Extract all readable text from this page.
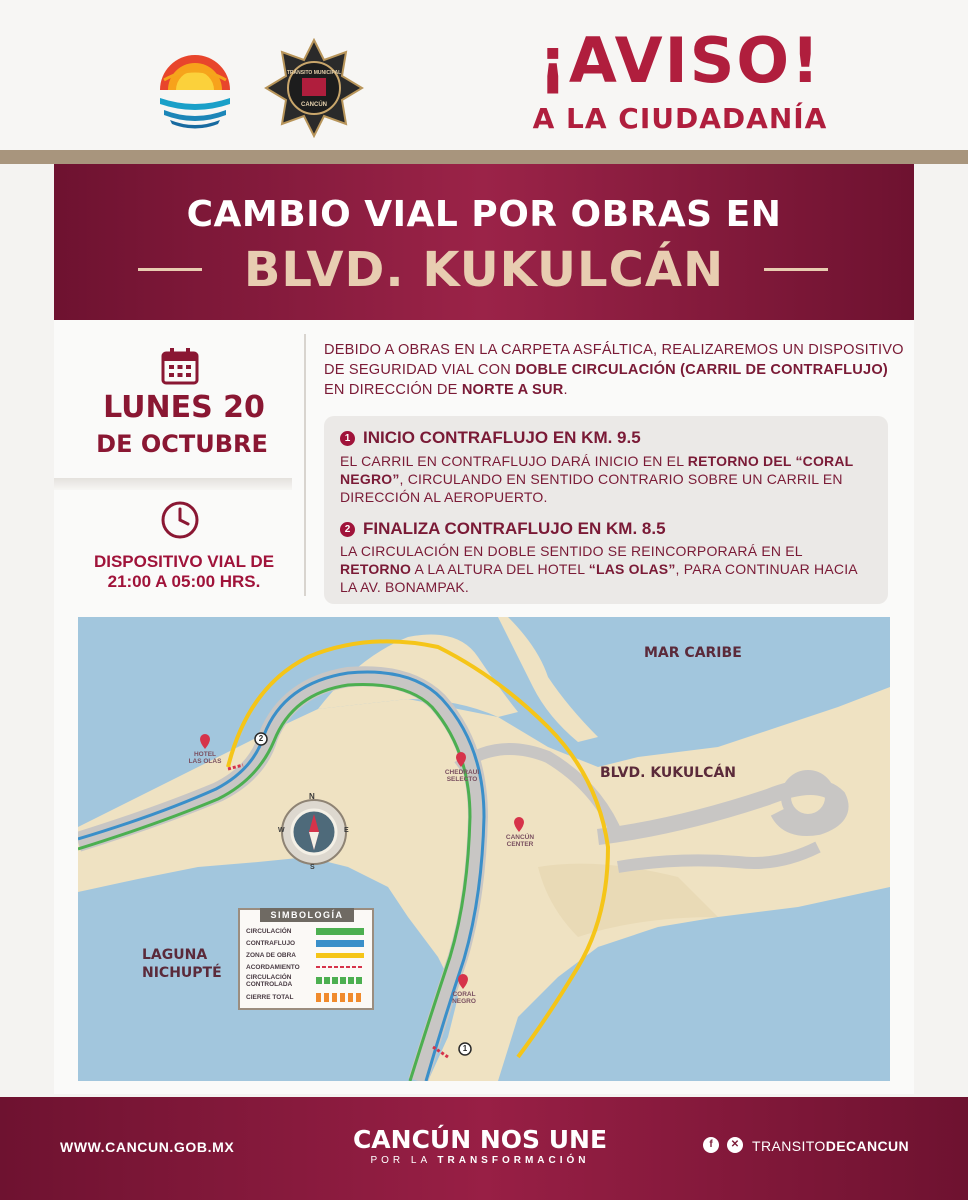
TRÁNSITO MUNICIPAL
CANCÚN
¡AVISO!
A LA CIUDADANÍA
CAMBIO VIAL POR OBRAS EN
BLVD. KUKULCÁN
LUNES 20
DE OCTUBRE
DISPOSITIVO VIAL DE
21:00 A 05:00 HRS.
DEBIDO A OBRAS EN LA CARPETA ASFÁLTICA, REALIZAREMOS UN DISPOSITIVO DE SEGURIDAD VIAL CON DOBLE CIRCULACIÓN (CARRIL DE CONTRAFLUJO) EN DIRECCIÓN DE NORTE A SUR.
1 INICIO CONTRAFLUJO EN KM. 9.5
EL CARRIL EN CONTRAFLUJO DARÁ INICIO EN EL RETORNO DEL “CORAL NEGRO”, CIRCULANDO EN SENTIDO CONTRARIO SOBRE UN CARRIL EN DIRECCIÓN AL AEROPUERTO.
2 FINALIZA CONTRAFLUJO EN KM. 8.5
LA CIRCULACIÓN EN DOBLE SENTIDO SE REINCORPORARÁ EN EL RETORNO A LA ALTURA DEL HOTEL “LAS OLAS”, PARA CONTINUAR HACIA LA AV. BONAMPAK.
MAR CARIBE
BLVD. KUKULCÁN
LAGUNA
NICHUPTÉ
HOTEL
LAS OLAS
CHEDRAUI
SELECTO
CANCÚN
CENTER
CORAL
NEGRO
2
1
N
S
E
W
SIMBOLOGÍA
CIRCULACIÓN
CONTRAFLUJO
ZONA DE OBRA
ACORDAMIENTO
CIRCULACIÓN
CONTROLADA
CIERRE TOTAL
WWW.CANCUN.GOB.MX	CANCÚN NOS UNE
POR LA TRANSFORMACIÓN
f	✕ TRANSITODECANCUN
